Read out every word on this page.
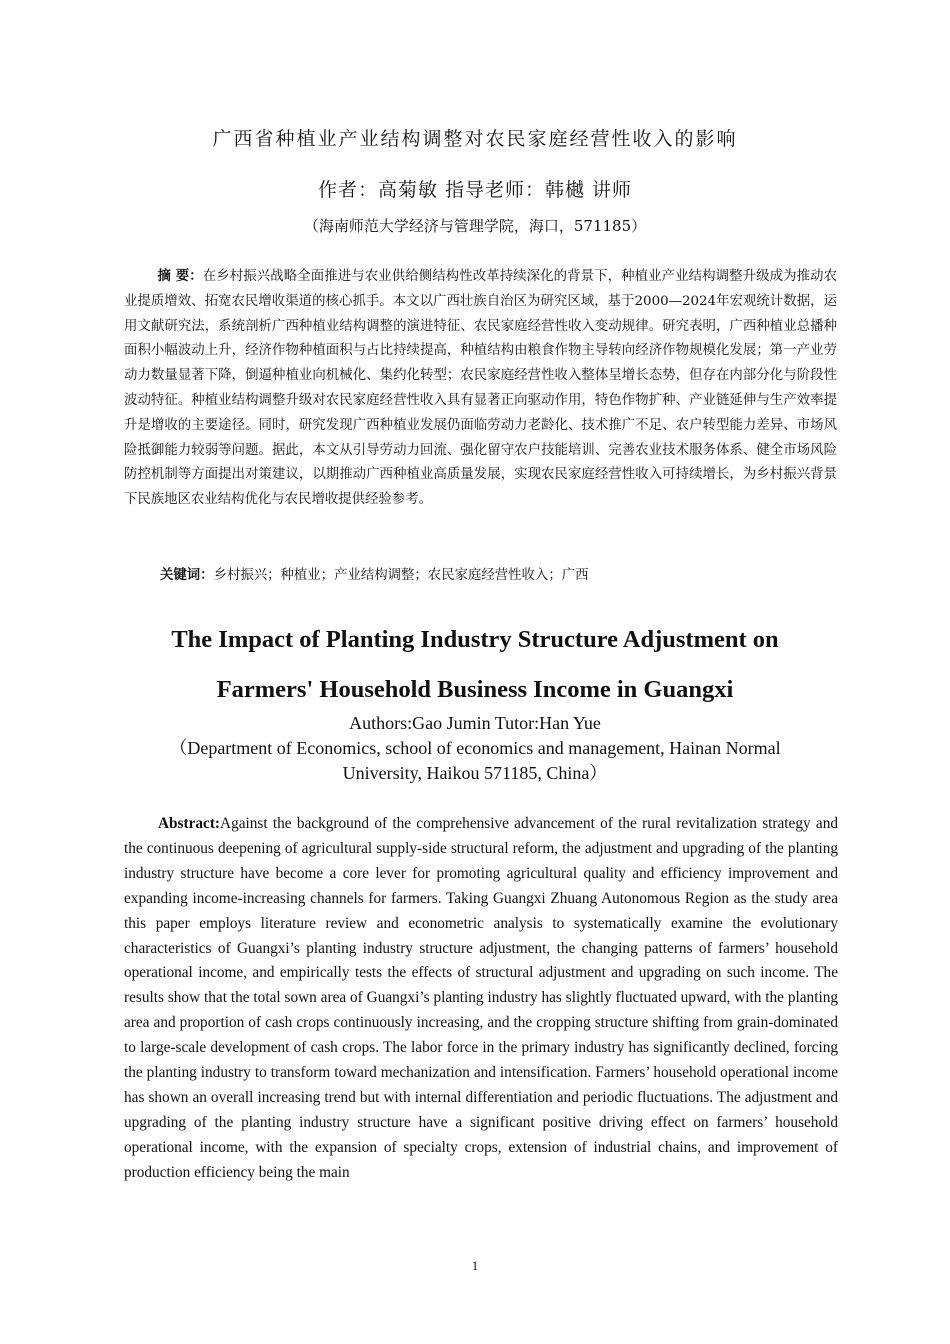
广西省种植业产业结构调整对农民家庭经营性收入的影响
作者：高菊敏 指导老师：韩樾 讲师
（海南师范大学经济与管理学院，海口，571185）

摘 要：在乡村振兴战略全面推进与农业供给侧结构性改革持续深化的背景下，种植业产业结构调整升级成为推动农业提质增效、拓宽农民增收渠道的核心抓手。本文以广西壮族自治区为研究区域，基于2000—2024年宏观统计数据，运用文献研究法，系统剖析广西种植业结构调整的演进特征、农民家庭经营性收入变动规律。研究表明，广西种植业总播种面积小幅波动上升，经济作物种植面积与占比持续提高，种植结构由粮食作物主导转向经济作物规模化发展；第一产业劳动力数量显著下降，倒逼种植业向机械化、集约化转型；农民家庭经营性收入整体呈增长态势，但存在内部分化与阶段性波动特征。种植业结构调整升级对农民家庭经营性收入具有显著正向驱动作用，特色作物扩种、产业链延伸与生产效率提升是增收的主要途径。同时，研究发现广西种植业发展仍面临劳动力老龄化、技术推广不足、农户转型能力差异、市场风险抵御能力较弱等问题。据此，本文从引导劳动力回流、强化留守农户技能培训、完善农业技术服务体系、健全市场风险防控机制等方面提出对策建议，以期推动广西种植业高质量发展，实现农民家庭经营性收入可持续增长，为乡村振兴背景下民族地区农业结构优化与农民增收提供经验参考。

关键词：乡村振兴；种植业；产业结构调整；农民家庭经营性收入；广西

The Impact of Planting Industry Structure Adjustment on
Farmers' Household Business Income in Guangxi

Authors:Gao Jumin Tutor:Han Yue

（Department of Economics, school of economics and management, Hainan Normal University, Haikou 571185, China）

Abstract:Against the background of the comprehensive advancement of the rural revitalization strategy and the continuous deepening of agricultural supply-side structural reform, the adjustment and upgrading of the planting industry structure have become a core lever for promoting agricultural quality and efficiency improvement and expanding income-increasing channels for farmers. Taking Guangxi Zhuang Autonomous Region as the study area this paper employs literature review and econometric analysis to systematically examine the evolutionary characteristics of Guangxi’s planting industry structure adjustment, the changing patterns of farmers’ household operational income, and empirically tests the effects of structural adjustment and upgrading on such income. The results show that the total sown area of Guangxi’s planting industry has slightly fluctuated upward, with the planting area and proportion of cash crops continuously increasing, and the cropping structure shifting from grain-dominated to large-scale development of cash crops. The labor force in the primary industry has significantly declined, forcing the planting industry to transform toward mechanization and intensification. Farmers’ household operational income has shown an overall increasing trend but with internal differentiation and periodic fluctuations. The adjustment and upgrading of the planting industry structure have a significant positive driving effect on farmers’ household operational income, with the expansion of specialty crops, extension of industrial chains, and improvement of production efficiency being the main

1
